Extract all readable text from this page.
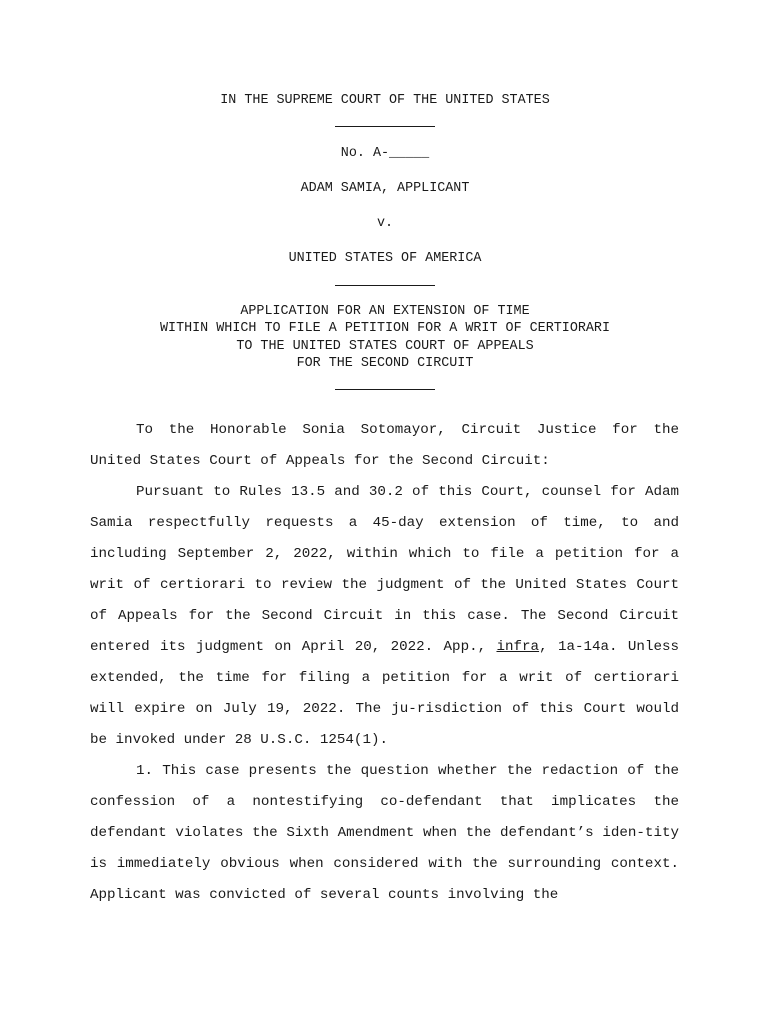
IN THE SUPREME COURT OF THE UNITED STATES
No. A-_____
ADAM SAMIA, APPLICANT
v.
UNITED STATES OF AMERICA
APPLICATION FOR AN EXTENSION OF TIME
WITHIN WHICH TO FILE A PETITION FOR A WRIT OF CERTIORARI
TO THE UNITED STATES COURT OF APPEALS
FOR THE SECOND CIRCUIT

To the Honorable Sonia Sotomayor, Circuit Justice for the United States Court of Appeals for the Second Circuit:

Pursuant to Rules 13.5 and 30.2 of this Court, counsel for Adam Samia respectfully requests a 45-day extension of time, to and including September 2, 2022, within which to file a petition for a writ of certiorari to review the judgment of the United States Court of Appeals for the Second Circuit in this case. The Second Circuit entered its judgment on April 20, 2022. App., infra, 1a-14a. Unless extended, the time for filing a petition for a writ of certiorari will expire on July 19, 2022. The ju-risdiction of this Court would be invoked under 28 U.S.C. 1254(1).

1. This case presents the question whether the redaction of the confession of a nontestifying co-defendant that implicates the defendant violates the Sixth Amendment when the defendant’s iden-tity is immediately obvious when considered with the surrounding context. Applicant was convicted of several counts involving the
